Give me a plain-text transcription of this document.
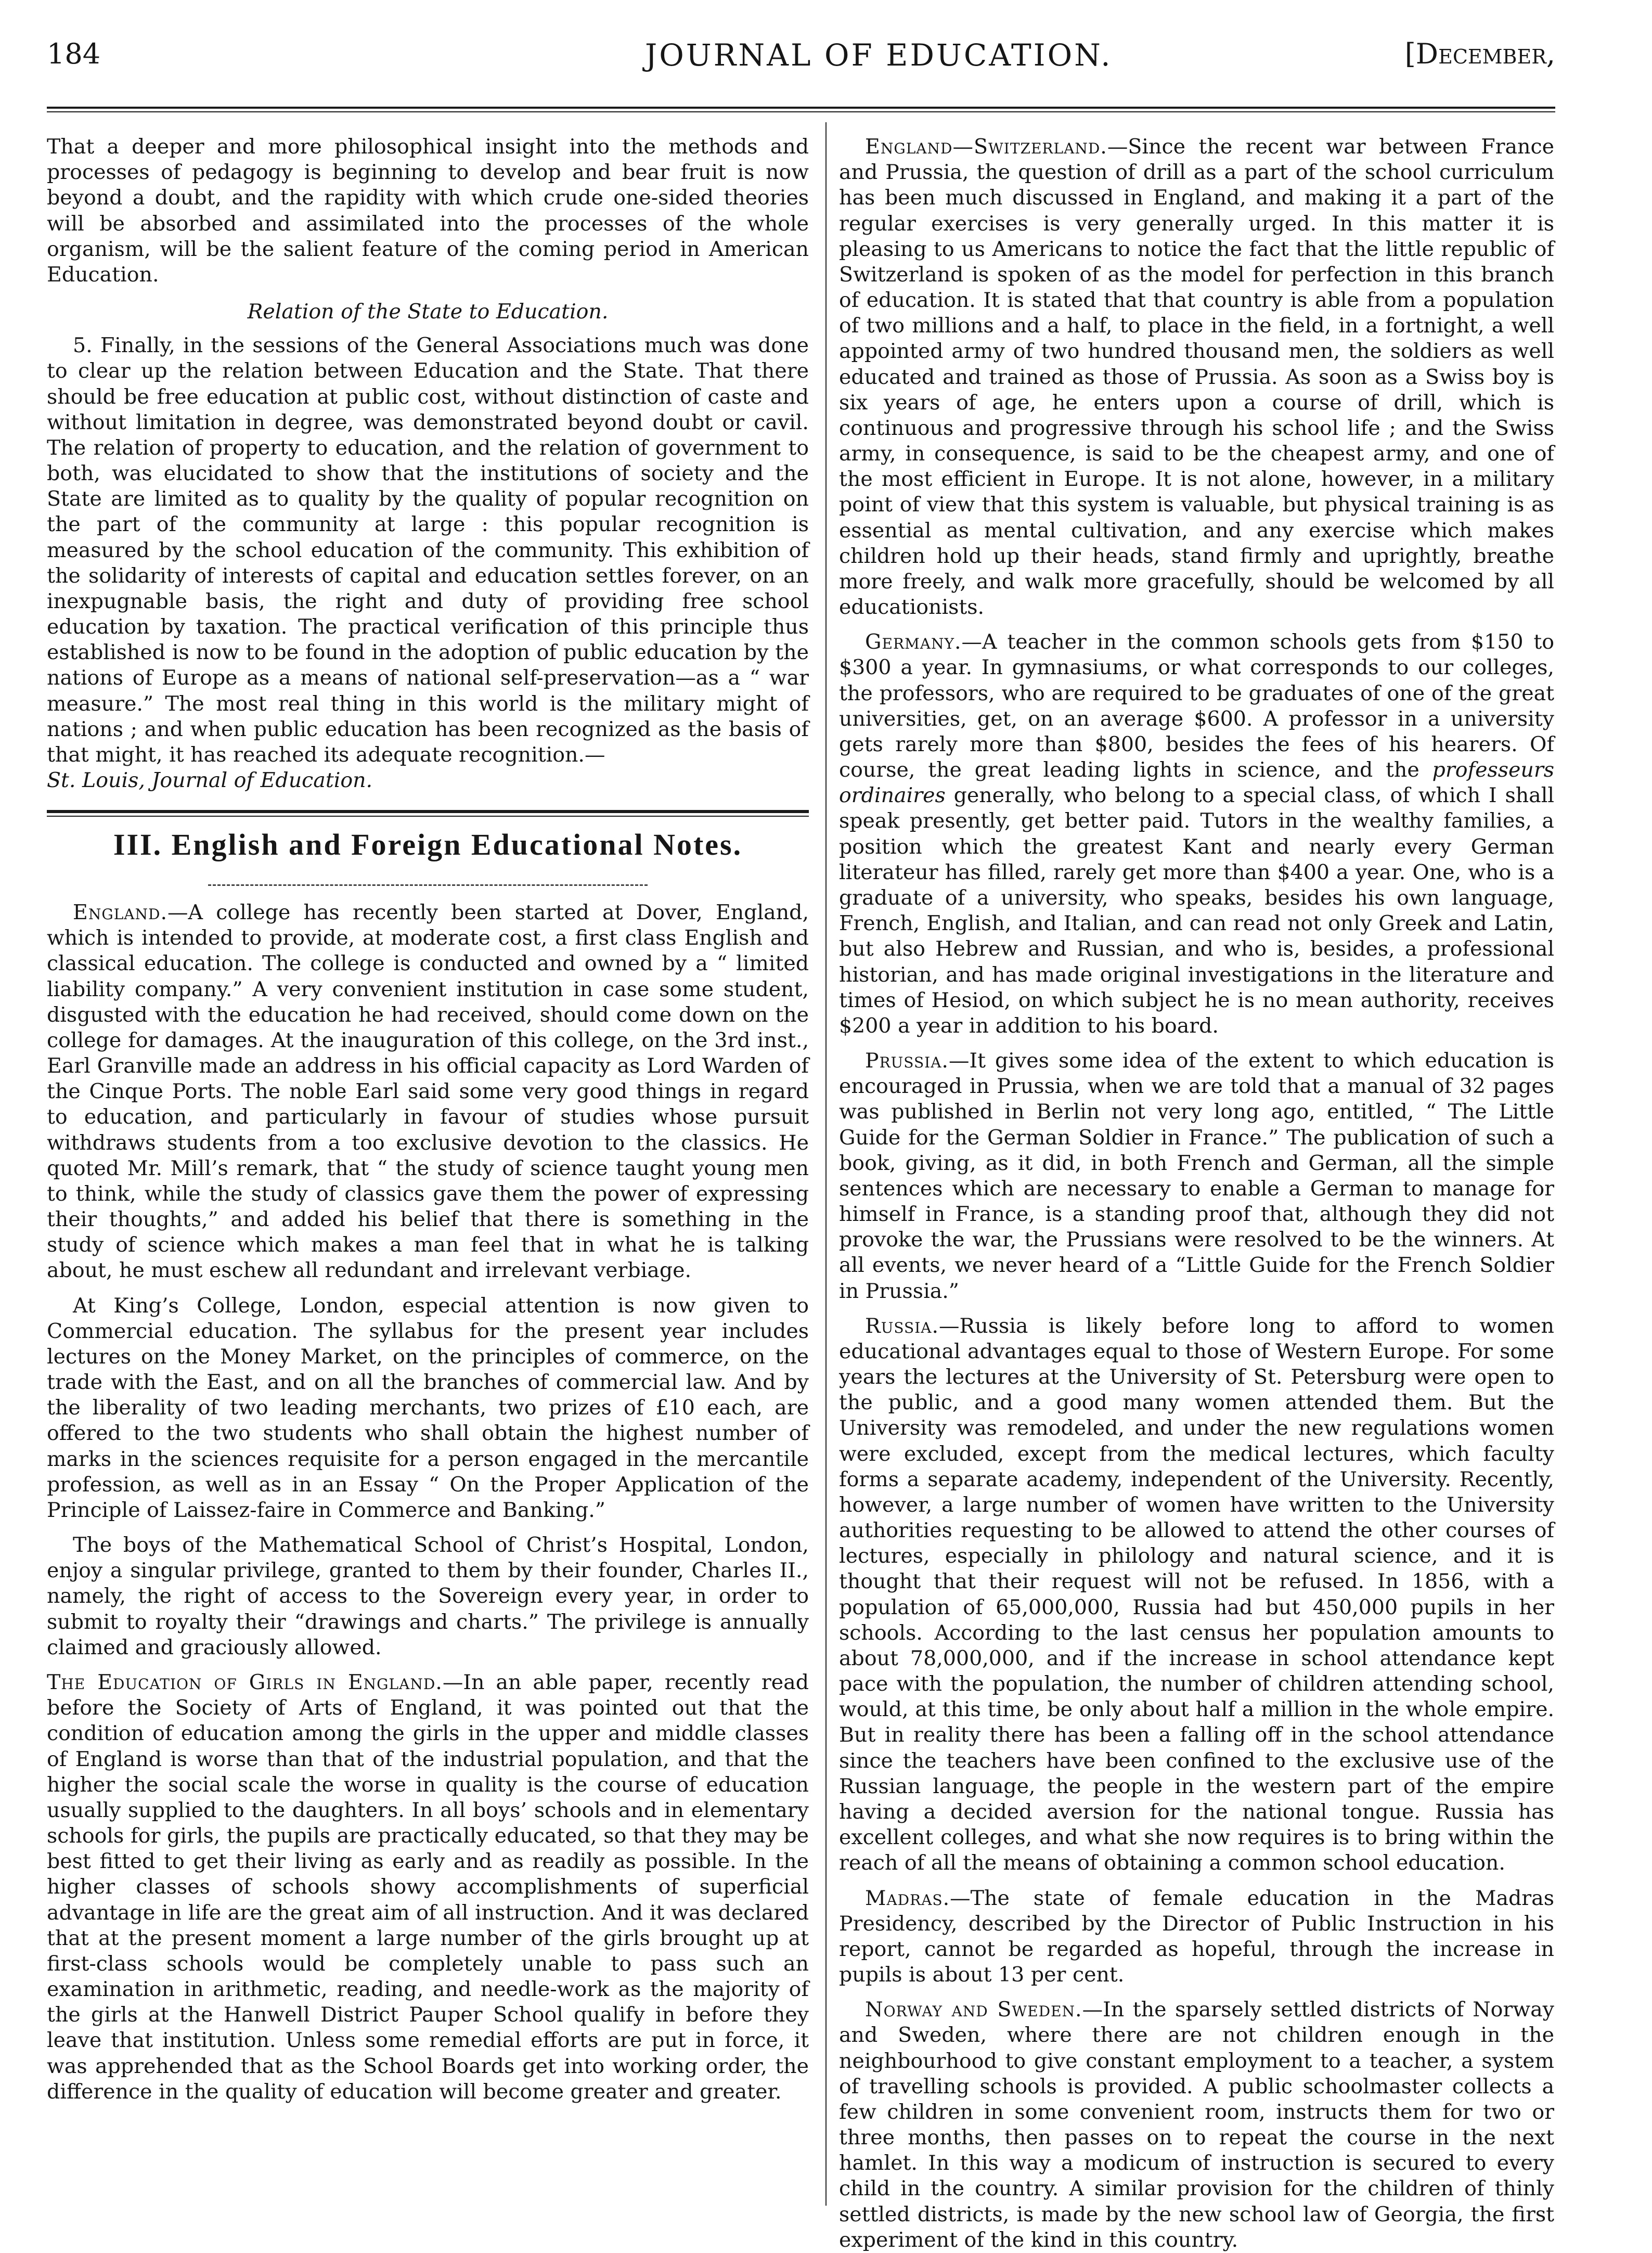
184	JOURNAL OF EDUCATION.	[December,

That a deeper and more philosophical insight into the methods and processes of pedagogy is beginning to develop and bear fruit is now beyond a doubt, and the rapidity with which crude one-sided theories will be absorbed and assimilated into the processes of the whole organism, will be the salient feature of the coming period in American Education.

Relation of the State to Education.

5. Finally, in the sessions of the General Associations much was done to clear up the relation between Education and the State. That there should be free education at public cost, without distinction of caste and without limitation in degree, was demonstrated beyond doubt or cavil. The relation of property to education, and the relation of government to both, was elucidated to show that the institutions of society and the State are limited as to quality by the quality of popular recognition on the part of the community at large : this popular recognition is measured by the school education of the community. This exhibition of the solidarity of interests of capital and education settles forever, on an inexpugnable basis, the right and duty of providing free school education by taxation. The practical verification of this principle thus established is now to be found in the adoption of public education by the nations of Europe as a means of national self-preservation—as a “ war measure.” The most real thing in this world is the military might of nations ; and when public education has been recognized as the basis of that might, it has reached its adequate recognition.—

St. Louis, Journal of Education.

III. English and Foreign Educational Notes.

England.—A college has recently been started at Dover, England, which is intended to provide, at moderate cost, a first class English and classical education. The college is conducted and owned by a “ limited liability company.” A very convenient institution in case some student, disgusted with the education he had received, should come down on the college for damages. At the inauguration of this college, on the 3rd inst., Earl Granville made an address in his official capacity as Lord Warden of the Cinque Ports. The noble Earl said some very good things in regard to education, and particularly in favour of studies whose pursuit withdraws students from a too exclusive devotion to the classics. He quoted Mr. Mill’s remark, that “ the study of science taught young men to think, while the study of classics gave them the power of expressing their thoughts,” and added his belief that there is something in the study of science which makes a man feel that in what he is talking about, he must eschew all redundant and irrelevant verbiage.

At King’s College, London, especial attention is now given to Commercial education. The syllabus for the present year includes lectures on the Money Market, on the principles of commerce, on the trade with the East, and on all the branches of commercial law. And by the liberality of two leading merchants, two prizes of £10 each, are offered to the two students who shall obtain the highest number of marks in the sciences requisite for a person engaged in the mercantile profession, as well as in an Essay “ On the Proper Application of the Principle of Laissez-faire in Commerce and Banking.”

The boys of the Mathematical School of Christ’s Hospital, London, enjoy a singular privilege, granted to them by their founder, Charles II., namely, the right of access to the Sovereign every year, in order to submit to royalty their “drawings and charts.” The privilege is annually claimed and graciously allowed.

The Education of Girls in England.—In an able paper, recently read before the Society of Arts of England, it was pointed out that the condition of education among the girls in the upper and middle classes of England is worse than that of the industrial population, and that the higher the social scale the worse in quality is the course of education usually supplied to the daughters. In all boys’ schools and in elementary schools for girls, the pupils are practically educated, so that they may be best fitted to get their living as early and as readily as possible. In the higher classes of schools showy accomplishments of superficial advantage in life are the great aim of all instruction. And it was declared that at the present moment a large number of the girls brought up at first-class schools would be completely unable to pass such an examination in arithmetic, reading, and needle-work as the majority of the girls at the Hanwell District Pauper School qualify in before they leave that institution. Unless some remedial efforts are put in force, it was apprehended that as the School Boards get into working order, the difference in the quality of education will become greater and greater.

England—Switzerland.—Since the recent war between France and Prussia, the question of drill as a part of the school curriculum has been much discussed in England, and making it a part of the regular exercises is very generally urged. In this matter it is pleasing to us Americans to notice the fact that the little republic of Switzerland is spoken of as the model for perfection in this branch of education. It is stated that that country is able from a population of two millions and a half, to place in the field, in a fortnight, a well appointed army of two hundred thousand men, the soldiers as well educated and trained as those of Prussia. As soon as a Swiss boy is six years of age, he enters upon a course of drill, which is continuous and progressive through his school life ; and the Swiss army, in consequence, is said to be the cheapest army, and one of the most efficient in Europe. It is not alone, however, in a military point of view that this system is valuable, but physical training is as essential as mental cultivation, and any exercise which makes children hold up their heads, stand firmly and uprightly, breathe more freely, and walk more gracefully, should be welcomed by all educationists.

Germany.—A teacher in the common schools gets from $150 to $300 a year. In gymnasiums, or what corresponds to our colleges, the professors, who are required to be graduates of one of the great universities, get, on an average $600. A professor in a university gets rarely more than $800, besides the fees of his hearers. Of course, the great leading lights in science, and the professeurs ordinaires generally, who belong to a special class, of which I shall speak presently, get better paid. Tutors in the wealthy families, a position which the greatest Kant and nearly every German literateur has filled, rarely get more than $400 a year. One, who is a graduate of a university, who speaks, besides his own language, French, English, and Italian, and can read not only Greek and Latin, but also Hebrew and Russian, and who is, besides, a professional historian, and has made original investigations in the literature and times of Hesiod, on which subject he is no mean authority, receives $200 a year in addition to his board.

Prussia.—It gives some idea of the extent to which education is encouraged in Prussia, when we are told that a manual of 32 pages was published in Berlin not very long ago, entitled, “ The Little Guide for the German Soldier in France.” The publication of such a book, giving, as it did, in both French and German, all the simple sentences which are necessary to enable a German to manage for himself in France, is a standing proof that, although they did not provoke the war, the Prussians were resolved to be the winners. At all events, we never heard of a “Little Guide for the French Soldier in Prussia.”

Russia.—Russia is likely before long to afford to women educational advantages equal to those of Western Europe. For some years the lectures at the University of St. Petersburg were open to the public, and a good many women attended them. But the University was remodeled, and under the new regulations women were excluded, except from the medical lectures, which faculty forms a separate academy, independent of the University. Recently, however, a large number of women have written to the University authorities requesting to be allowed to attend the other courses of lectures, especially in philology and natural science, and it is thought that their request will not be refused. In 1856, with a population of 65,000,000, Russia had but 450,000 pupils in her schools. According to the last census her population amounts to about 78,000,000, and if the increase in school attendance kept pace with the population, the number of children attending school, would, at this time, be only about half a million in the whole empire. But in reality there has been a falling off in the school attendance since the teachers have been confined to the exclusive use of the Russian language, the people in the western part of the empire having a decided aversion for the national tongue. Russia has excellent colleges, and what she now requires is to bring within the reach of all the means of obtaining a common school education.

Madras.—The state of female education in the Madras Presidency, described by the Director of Public Instruction in his report, cannot be regarded as hopeful, through the increase in pupils is about 13 per cent.

Norway and Sweden.—In the sparsely settled districts of Norway and Sweden, where there are not children enough in the neighbourhood to give constant employment to a teacher, a system of travelling schools is provided. A public schoolmaster collects a few children in some convenient room, instructs them for two or three months, then passes on to repeat the course in the next hamlet. In this way a modicum of instruction is secured to every child in the country. A similar provision for the children of thinly settled districts, is made by the new school law of Georgia, the first experiment of the kind in this country.
